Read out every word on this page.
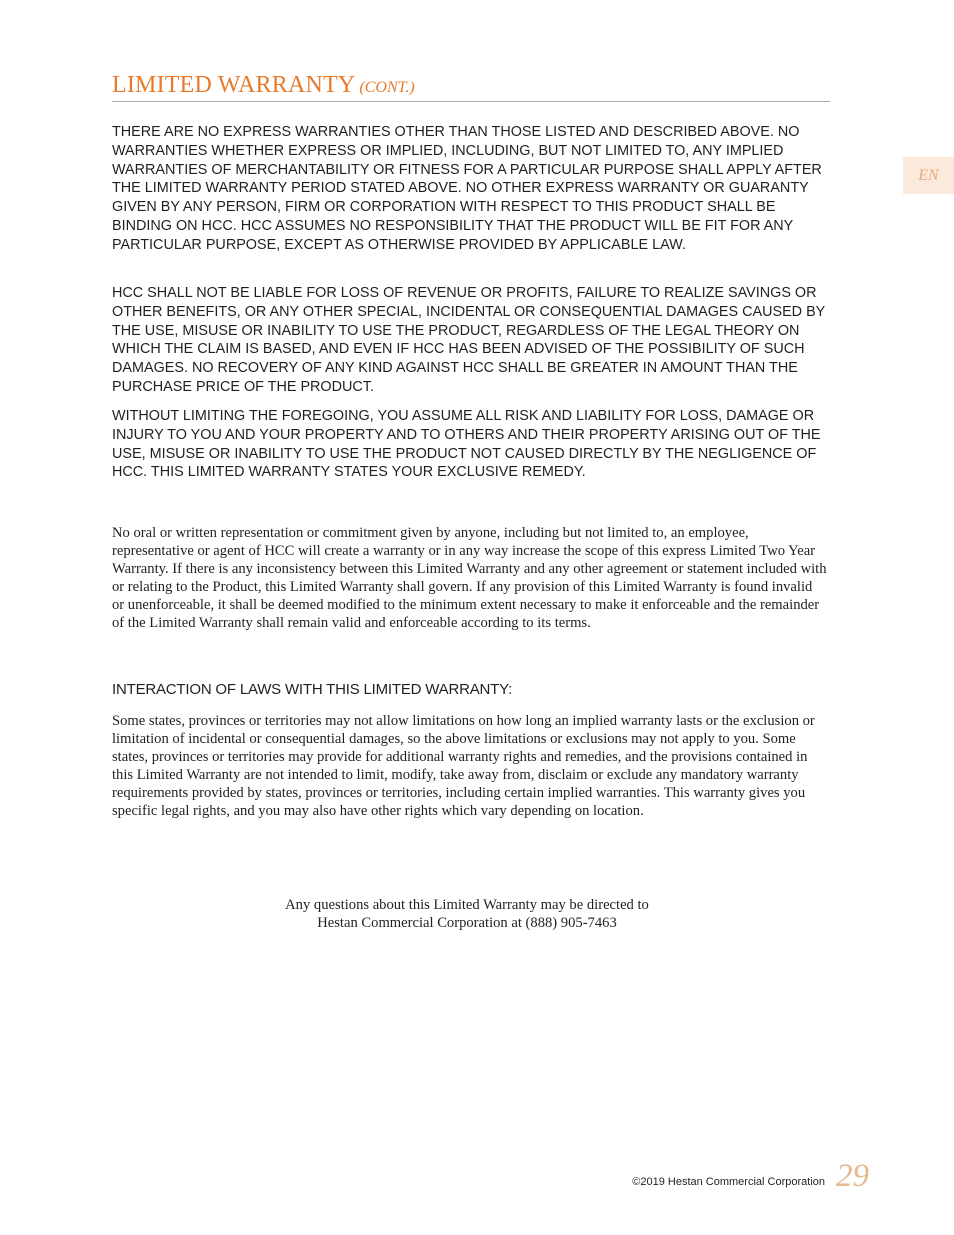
LIMITED WARRANTY (CONT.)
EN

THERE ARE NO EXPRESS WARRANTIES OTHER THAN THOSE LISTED AND DESCRIBED ABOVE. NO WARRANTIES WHETHER EXPRESS OR IMPLIED, INCLUDING, BUT NOT LIMITED TO, ANY IMPLIED WARRANTIES OF MERCHANTABILITY OR FITNESS FOR A PARTICULAR PURPOSE SHALL APPLY AFTER THE LIMITED WARRANTY PERIOD STATED ABOVE. NO OTHER EXPRESS WARRANTY OR GUARANTY GIVEN BY ANY PERSON, FIRM OR CORPORATION WITH RESPECT TO THIS PRODUCT SHALL BE BINDING ON HCC. HCC ASSUMES NO RESPONSIBILITY THAT THE PRODUCT WILL BE FIT FOR ANY PARTICULAR PURPOSE, EXCEPT AS OTHERWISE PROVIDED BY APPLICABLE LAW.

HCC SHALL NOT BE LIABLE FOR LOSS OF REVENUE OR PROFITS, FAILURE TO REALIZE SAVINGS OR OTHER BENEFITS, OR ANY OTHER SPECIAL, INCIDENTAL OR CONSEQUENTIAL DAMAGES CAUSED BY THE USE, MISUSE OR INABILITY TO USE THE PRODUCT, REGARDLESS OF THE LEGAL THEORY ON WHICH THE CLAIM IS BASED, AND EVEN IF HCC HAS BEEN ADVISED OF THE POSSIBILITY OF SUCH DAMAGES. NO RECOVERY OF ANY KIND AGAINST HCC SHALL BE GREATER IN AMOUNT THAN THE PURCHASE PRICE OF THE PRODUCT.

WITHOUT LIMITING THE FOREGOING, YOU ASSUME ALL RISK AND LIABILITY FOR LOSS, DAMAGE OR INJURY TO YOU AND YOUR PROPERTY AND TO OTHERS AND THEIR PROPERTY ARISING OUT OF THE USE, MISUSE OR INABILITY TO USE THE PRODUCT NOT CAUSED DIRECTLY BY THE NEGLIGENCE OF HCC. THIS LIMITED WARRANTY STATES YOUR EXCLUSIVE REMEDY.

No oral or written representation or commitment given by anyone, including but not limited to, an employee, representative or agent of HCC will create a warranty or in any way increase the scope of this express Limited Two Year Warranty. If there is any inconsistency between this Limited Warranty and any other agreement or statement included with or relating to the Product, this Limited Warranty shall govern. If any provision of this Limited Warranty is found invalid or unenforceable, it shall be deemed modified to the minimum extent necessary to make it enforceable and the remainder of the Limited Warranty shall remain valid and enforceable according to its terms.

INTERACTION OF LAWS WITH THIS LIMITED WARRANTY:

Some states, provinces or territories may not allow limitations on how long an implied warranty lasts or the exclusion or limitation of incidental or consequential damages, so the above limitations or exclusions may not apply to you. Some states, provinces or territories may provide for additional warranty rights and remedies, and the provisions contained in this Limited Warranty are not intended to limit, modify, take away from, disclaim or exclude any mandatory warranty requirements provided by states, provinces or territories, including certain implied warranties. This warranty gives you specific legal rights, and you may also have other rights which vary depending on location.

Any questions about this Limited Warranty may be directed to
Hestan Commercial Corporation at (888) 905-7463
©2019 Hestan Commercial Corporation 29
